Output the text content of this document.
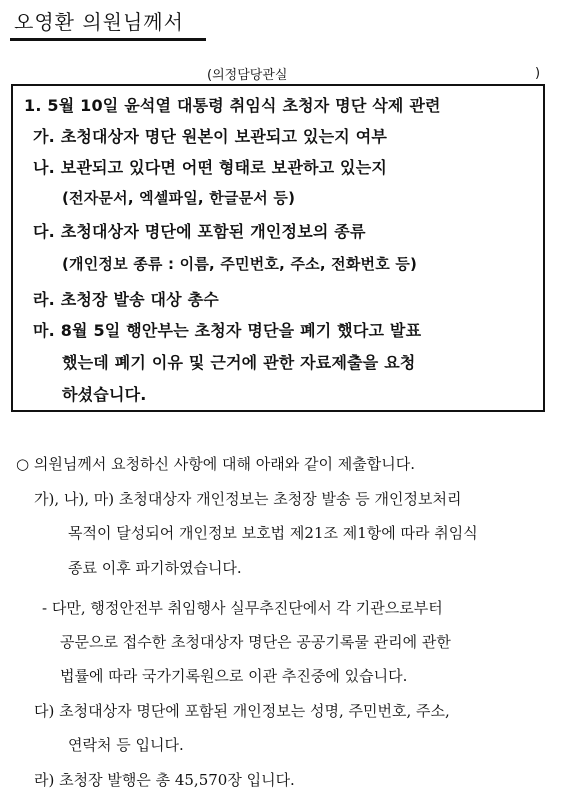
오영환 의원님께서
(의정담당관실	)
1. 5월 10일 윤석열 대통령 취임식 초청자 명단 삭제 관련
가. 초청대상자 명단 원본이 보관되고 있는지 여부
나. 보관되고 있다면 어떤 형태로 보관하고 있는지
(전자문서, 엑셀파일, 한글문서 등)
다. 초청대상자 명단에 포함된 개인정보의 종류
(개인정보 종류 : 이름, 주민번호, 주소, 전화번호 등)
라. 초청장 발송 대상 총수
마. 8월 5일 행안부는 초청자 명단을 폐기 했다고 발표
했는데 폐기 이유 및 근거에 관한 자료제출을 요청
하셨습니다.
○ 의원님께서 요청하신 사항에 대해 아래와 같이 제출합니다.
가), 나), 마) 초청대상자 개인정보는 초청장 발송 등 개인정보처리
목적이 달성되어 개인정보 보호법 제21조 제1항에 따라 취임식
종료 이후 파기하였습니다.
- 다만, 행정안전부 취임행사 실무추진단에서 각 기관으로부터
공문으로 접수한 초청대상자 명단은 공공기록물 관리에 관한
법률에 따라 국가기록원으로 이관 추진중에 있습니다.
다) 초청대상자 명단에 포함된 개인정보는 성명, 주민번호, 주소,
연락처 등 입니다.
라) 초청장 발행은 총 45,570장 입니다.
